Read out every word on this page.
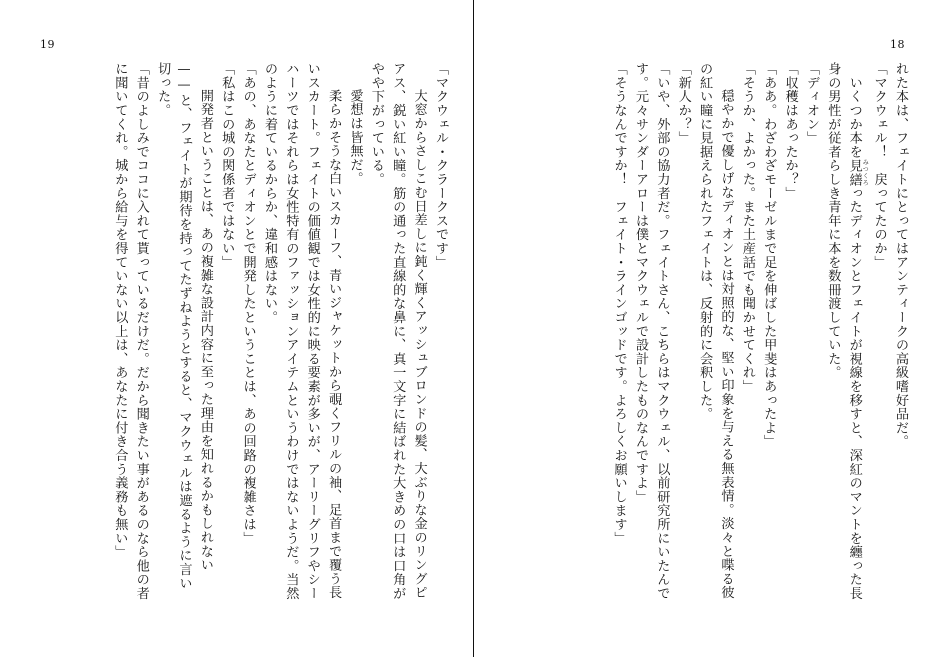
19

「マクウェル・クラークスです」

　大窓からさしこむ日差しに鈍く輝くアッシュブロンドの髪、大ぶりな金のリングピアス、鋭い紅い瞳。筋の通った直線的な鼻に、真一文字に結ばれた大きめの口は口角がやや下がっている。

　愛想は皆無だ。

　柔らかそうな白いスカーフ、青いジャケットから覗くフリルの袖、足首まで覆う長いスカート。フェイトの価値観では女性的に映る要素が多いが、アーリーグリフやシーハーツではそれらは女性特有のファッションアイテムというわけではないようだ。当然のように着ているからか、違和感はない。

「あの、あなたとディオンとで開発したということは、あの回路の複雑さは」

「私はこの城の関係者ではない」

　開発者ということは、あの複雑な設計内容に至った理由を知れるかもしれない——と、フェイトが期待を持ってたずねようとすると、マクウェルは遮るように言い切った。

「昔のよしみでココに入れて貰っているだけだ。だから聞きたい事があるのなら他の者に聞いてくれ。城から給与を得ていない以上は、あなたに付き合う義務も無い」

18

れた本は、フェイトにとってはアンティークの高級嗜好品だ。

「マクウェル！　戻ってたのか」

　いくつか本を見繕 みつくろったディオンとフェイトが視線を移すと、深紅のマントを纏った長身の男性が従者らしき青年に本を数冊渡していた。

「ディオン」

「収穫はあったか？」

「ああ。わざわざモーゼルまで足を伸ばした甲斐はあったよ」

「そうか、よかった。また土産話でも聞かせてくれ」

　穏やかで優しげなディオンとは対照的な、堅い印象を与える無表情。淡々と喋る彼の紅い瞳に見据えられたフェイトは、反射的に会釈した。

「新人か？」

「いや、外部の協力者だ。フェイトさん、こちらはマクウェル、以前研究所にいたんです。元々サンダーアローは僕とマクウェルで設計したものなんですよ」

「そうなんですか！　フェイト・ラインゴッドです。よろしくお願いします」
